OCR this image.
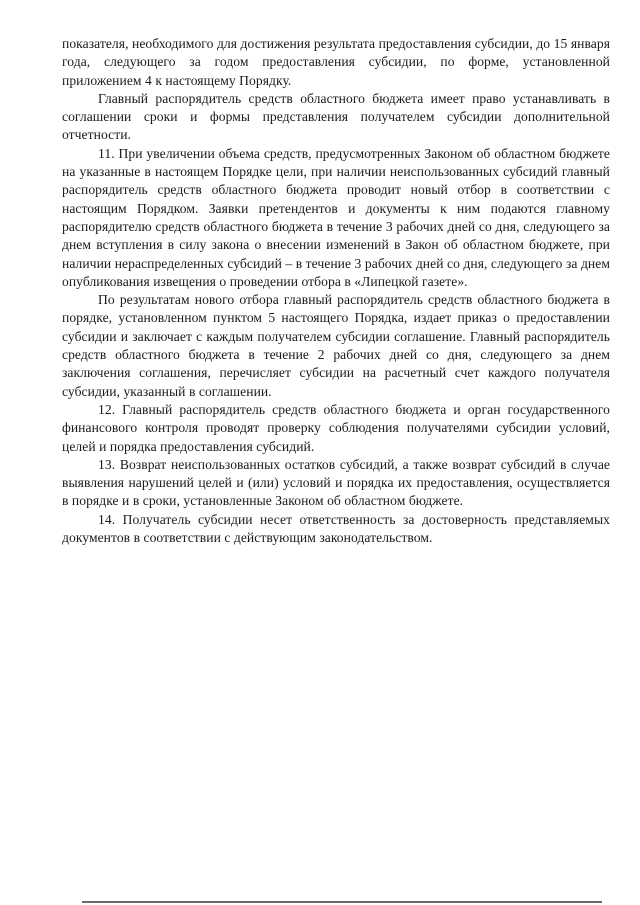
показателя, необходимого для достижения результата предоставления субсидии, до 15 января года, следующего за годом предоставления субсидии, по форме, установленной приложением 4 к настоящему Порядку.

Главный распорядитель средств областного бюджета имеет право устанавливать в соглашении сроки и формы представления получателем субсидии дополнительной отчетности.

11. При увеличении объема средств, предусмотренных Законом об областном бюджете на указанные в настоящем Порядке цели, при наличии неиспользованных субсидий главный распорядитель средств областного бюджета проводит новый отбор в соответствии с настоящим Порядком. Заявки претендентов и документы к ним подаются главному распорядителю средств областного бюджета в течение 3 рабочих дней со дня, следующего за днем вступления в силу закона о внесении изменений в Закон об областном бюджете, при наличии нераспределенных субсидий – в течение 3 рабочих дней со дня, следующего за днем опубликования извещения о проведении отбора в «Липецкой газете».

По результатам нового отбора главный распорядитель средств областного бюджета в порядке, установленном пунктом 5 настоящего Порядка, издает приказ о предоставлении субсидии и заключает с каждым получателем субсидии соглашение. Главный распорядитель средств областного бюджета в течение 2 рабочих дней со дня, следующего за днем заключения соглашения, перечисляет субсидии на расчетный счет каждого получателя субсидии, указанный в соглашении.

12. Главный распорядитель средств областного бюджета и орган государственного финансового контроля проводят проверку соблюдения получателями субсидии условий, целей и порядка предоставления субсидий.

13. Возврат неиспользованных остатков субсидий, а также возврат субсидий в случае выявления нарушений целей и (или) условий и порядка их предоставления, осуществляется в порядке и в сроки, установленные Законом об областном бюджете.

14. Получатель субсидии несет ответственность за достоверность представляемых документов в соответствии с действующим законодательством.
